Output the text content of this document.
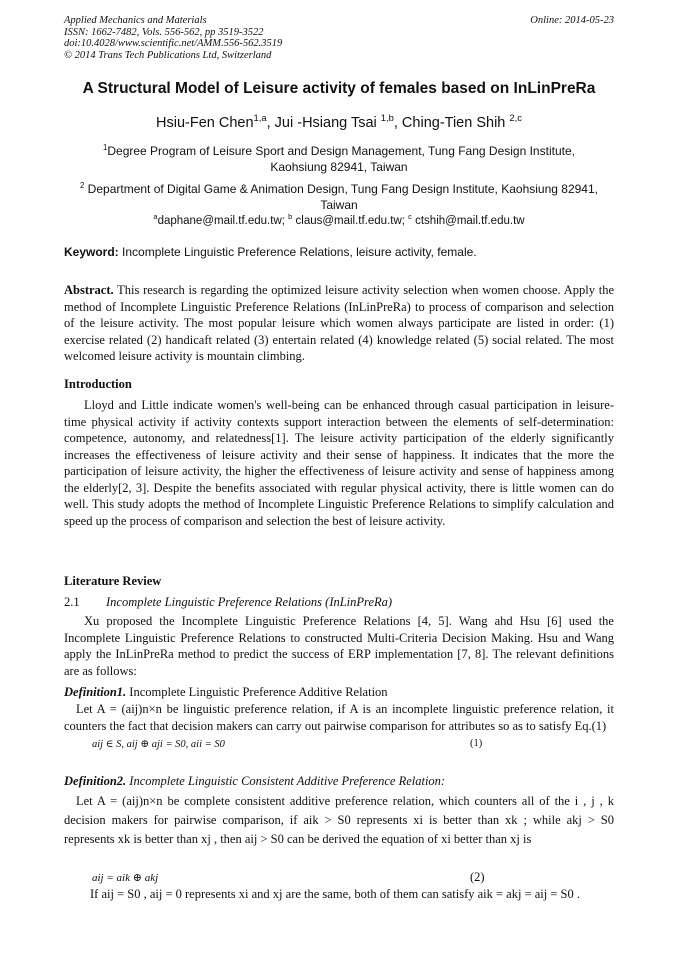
Applied Mechanics and Materials
ISSN: 1662-7482, Vols. 556-562, pp 3519-3522
doi:10.4028/www.scientific.net/AMM.556-562.3519
© 2014 Trans Tech Publications Ltd, Switzerland
Online: 2014-05-23
A Structural Model of Leisure activity of females based on InLinPreRa
Hsiu-Fen Chen$^{1,a}$, Jui -Hsiang Tsai $^{1,b}$, Ching-Tien Shih $^{2,c}$
$^1$Degree Program of Leisure Sport and Design Management, Tung Fang Design Institute,
Kaohsiung 82941, Taiwan
$^2$ Department of Digital Game & Animation Design, Tung Fang Design Institute, Kaohsiung 82941,
Taiwan
$^a$daphane@mail.tf.edu.tw; $^b$ claus@mail.tf.edu.tw; $^c$ ctshih@mail.tf.edu.tw
Keyword: Incomplete Linguistic Preference Relations, leisure activity, female.
Abstract. This research is regarding the optimized leisure activity selection when women choose. Apply the method of Incomplete Linguistic Preference Relations (InLinPreRa) to process of comparison and selection of the leisure activity. The most popular leisure which women always participate are listed in order: (1) exercise related (2) handicaft related (3) entertain related (4) knowledge related (5) social related. The most welcomed leisure activity is mountain climbing.
Introduction
Lloyd and Little indicate women's well-being can be enhanced through casual participation in leisure-time physical activity if activity contexts support interaction between the elements of self-determination: competence, autonomy, and relatedness[1]. The leisure activity participation of the elderly significantly increases the effectiveness of leisure activity and their sense of happiness. It indicates that the more the participation of leisure activity, the higher the effectiveness of leisure activity and sense of happiness among the elderly[2, 3]. Despite the benefits associated with regular physical activity, there is little women can do well. This study adopts the method of Incomplete Linguistic Preference Relations to simplify calculation and speed up the process of comparison and selection the best of leisure activity.
Literature Review
2.1 Incomplete Linguistic Preference Relations (InLinPreRa)
Xu proposed the Incomplete Linguistic Preference Relations [4, 5]. Wang ahd Hsu [6] used the Incomplete Linguistic Preference Relations to constructed Multi-Criteria Decision Making. Hsu and Wang apply the InLinPreRa method to predict the success of ERP implementation [7, 8]. The relevant definitions are as follows:
Definition1. Incomplete Linguistic Preference Additive Relation
Let A = (aij)n×n be linguistic preference relation, if A is an incomplete linguistic preference relation, it counters the fact that decision makers can carry out pairwise comparison for attributes so as to satisfy Eq.(1)
aij ∈ S, aij ⊕ aji = S0, aii = S0	(1)
Definition2. Incomplete Linguistic Consistent Additive Preference Relation:
Let A = (aij)n×n be complete consistent additive preference relation, which counters all of the i , j , k decision makers for pairwise comparison, if aik > S0 represents xi is better than xk ; while akj > S0 represents xk is better than xj , then aij > S0 can be derived the equation of xi better than xj is
aij = aik ⊕ akj	(2)
If aij = S0 , aij = 0 represents xi and xj are the same, both of them can satisfy aik = akj = aij = S0 .
